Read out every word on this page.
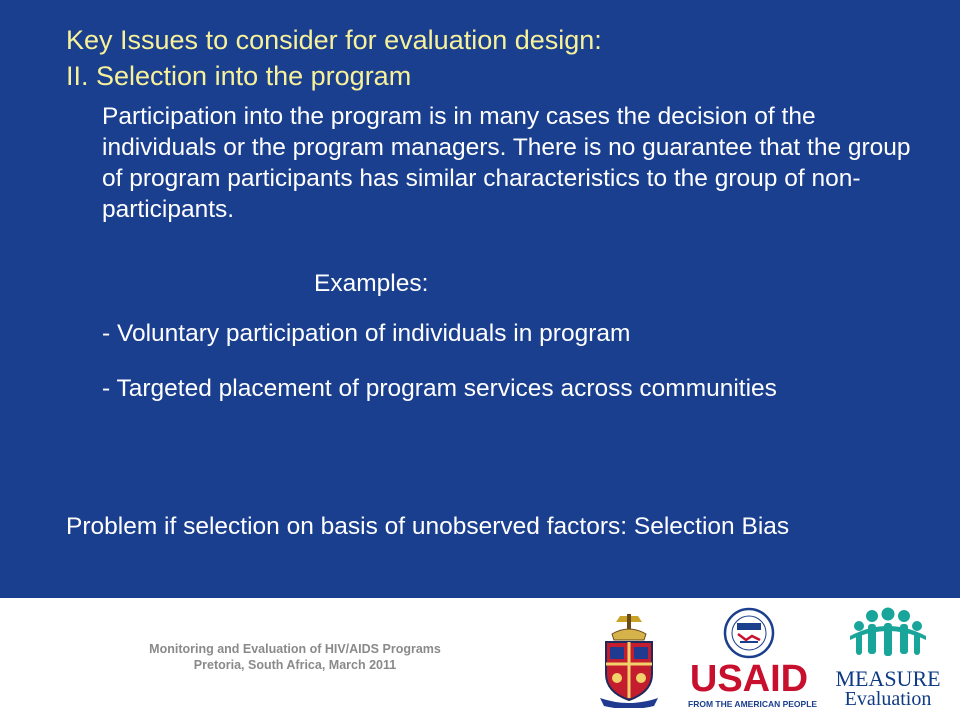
Key Issues to consider for evaluation design:
II. Selection into the program
Participation into the program is in many cases the decision of the individuals or the program managers. There is no guarantee that the group of program participants has similar characteristics to the group of non-participants.
Examples:
- Voluntary participation of individuals in program
- Targeted placement of program services across communities
Problem if selection on basis of unobserved factors: Selection Bias
Monitoring and Evaluation of HIV/AIDS Programs
Pretoria, South Africa, March 2011	USAID
FROM THE AMERICAN PEOPLE
MEASURE
Evaluation
